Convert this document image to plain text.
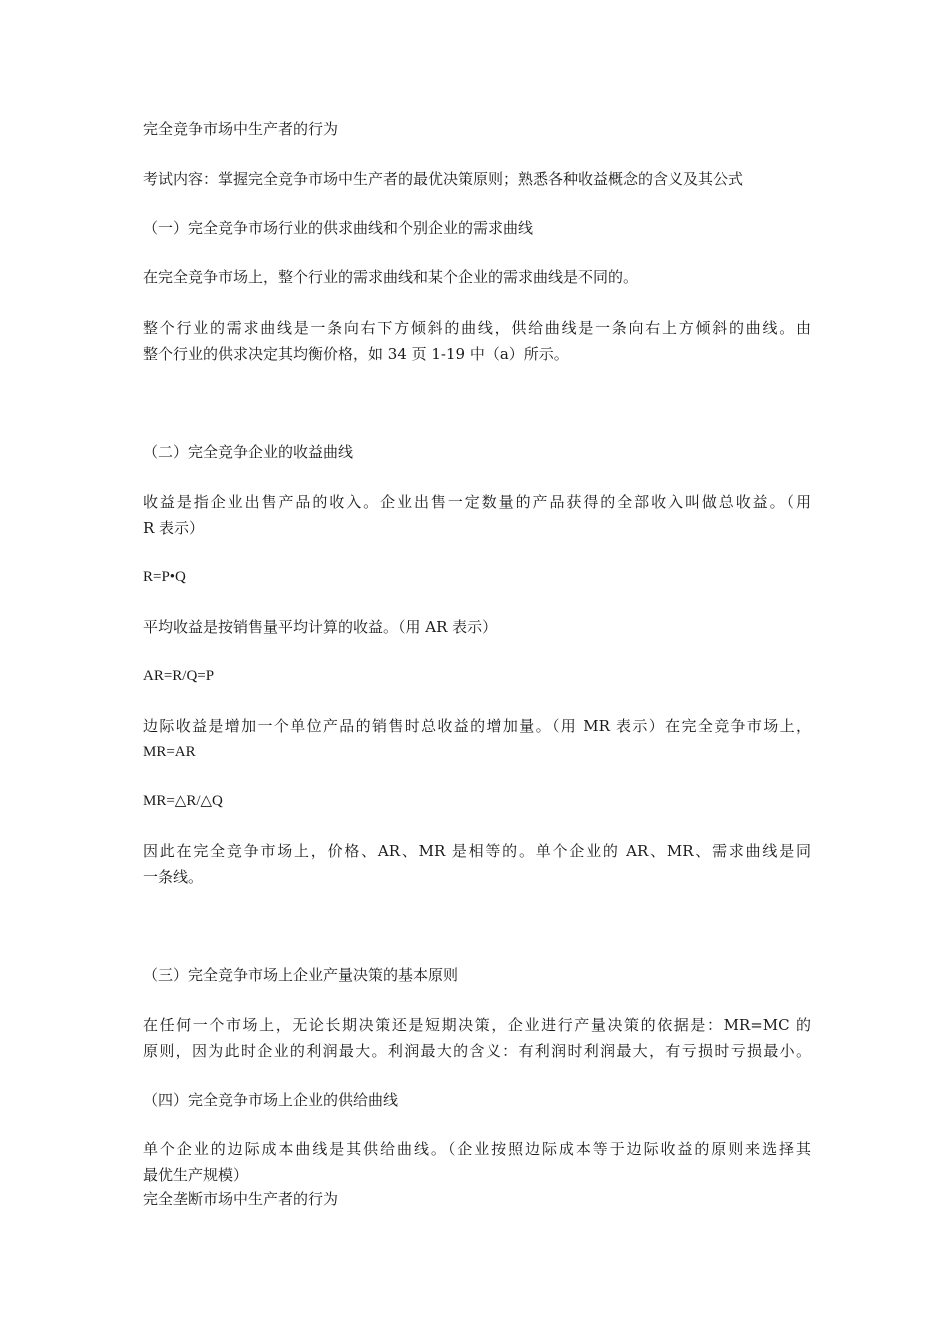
完全竞争市场中生产者的行为
考试内容：掌握完全竞争市场中生产者的最优决策原则；熟悉各种收益概念的含义及其公式
（一）完全竞争市场行业的供求曲线和个别企业的需求曲线
在完全竞争市场上，整个行业的需求曲线和某个企业的需求曲线是不同的。
整个行业的需求曲线是一条向右下方倾斜的曲线，供给曲线是一条向右上方倾斜的曲线。由
整个行业的供求决定其均衡价格，如 34 页 1-19 中（a）所示。
（二）完全竞争企业的收益曲线
收益是指企业出售产品的收入。企业出售一定数量的产品获得的全部收入叫做总收益。（用
R 表示）
R=P•Q
平均收益是按销售量平均计算的收益。（用 AR 表示）
AR=R/Q=P
边际收益是增加一个单位产品的销售时总收益的增加量。（用 MR 表示）在完全竞争市场上，
MR=AR
MR=△R/△Q
因此在完全竞争市场上，价格、AR、MR 是相等的。单个企业的 AR、MR、需求曲线是同
一条线。
（三）完全竞争市场上企业产量决策的基本原则
在任何一个市场上，无论长期决策还是短期决策，企业进行产量决策的依据是：MR=MC 的
原则，因为此时企业的利润最大。利润最大的含义：有利润时利润最大，有亏损时亏损最小。
（四）完全竞争市场上企业的供给曲线
单个企业的边际成本曲线是其供给曲线。（企业按照边际成本等于边际收益的原则来选择其
最优生产规模）
完全垄断市场中生产者的行为
